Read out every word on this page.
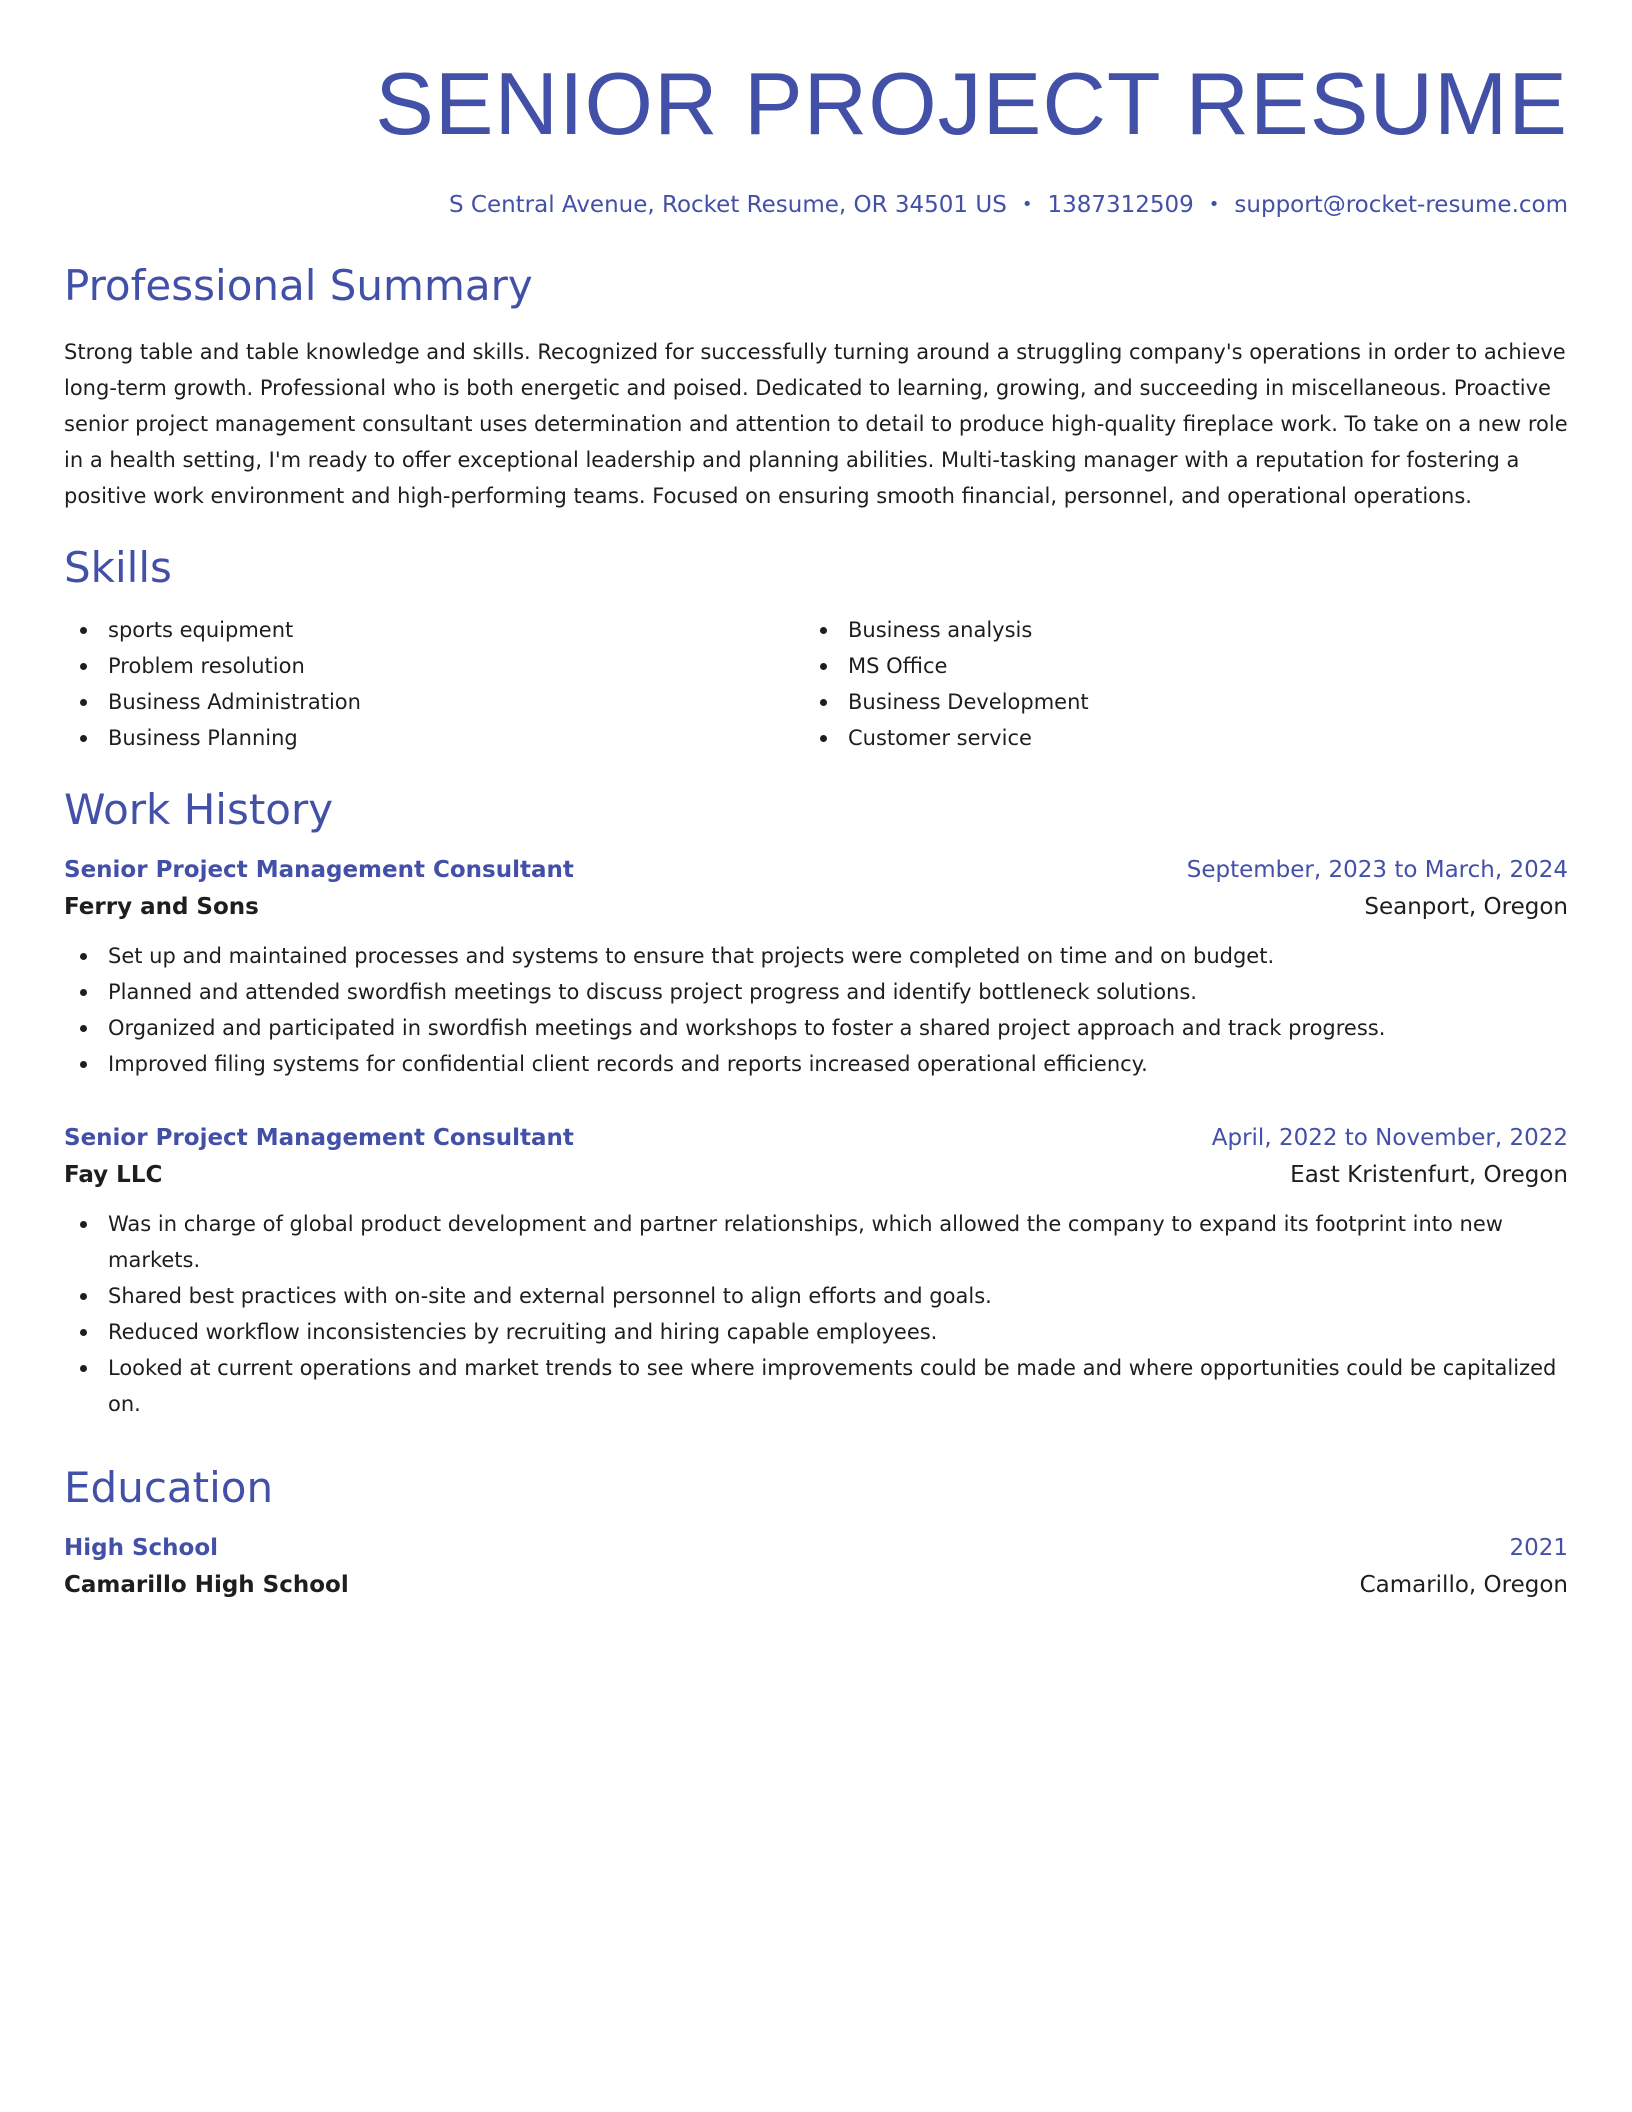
SENIOR PROJECT RESUME
S Central Avenue, Rocket Resume, OR 34501 US • 1387312509 • support@rocket-resume.com
Professional Summary

Strong table and table knowledge and skills. Recognized for successfully turning around a struggling company's operations in order to achieve long-term growth. Professional who is both energetic and poised. Dedicated to learning, growing, and succeeding in miscellaneous. Proactive senior project management consultant uses determination and attention to detail to produce high-quality fireplace work. To take on a new role in a health setting, I'm ready to offer exceptional leadership and planning abilities. Multi-tasking manager with a reputation for fostering a positive work environment and high-performing teams. Focused on ensuring smooth financial, personnel, and operational operations.

Skills
sports equipment
Problem resolution
Business Administration
Business Planning
Business analysis
MS Office
Business Development
Customer service
Work History
Senior Project Management Consultant	September, 2023 to March, 2024
Ferry and Sons	Seanport, Oregon
Set up and maintained processes and systems to ensure that projects were completed on time and on budget.
Planned and attended swordfish meetings to discuss project progress and identify bottleneck solutions.
Organized and participated in swordfish meetings and workshops to foster a shared project approach and track progress.
Improved filing systems for confidential client records and reports increased operational efficiency.
Senior Project Management Consultant	April, 2022 to November, 2022
Fay LLC	East Kristenfurt, Oregon
Was in charge of global product development and partner relationships, which allowed the company to expand its footprint into new markets.
Shared best practices with on-site and external personnel to align efforts and goals.
Reduced workflow inconsistencies by recruiting and hiring capable employees.
Looked at current operations and market trends to see where improvements could be made and where opportunities could be capitalized on.
Education
High School	2021
Camarillo High School	Camarillo, Oregon
